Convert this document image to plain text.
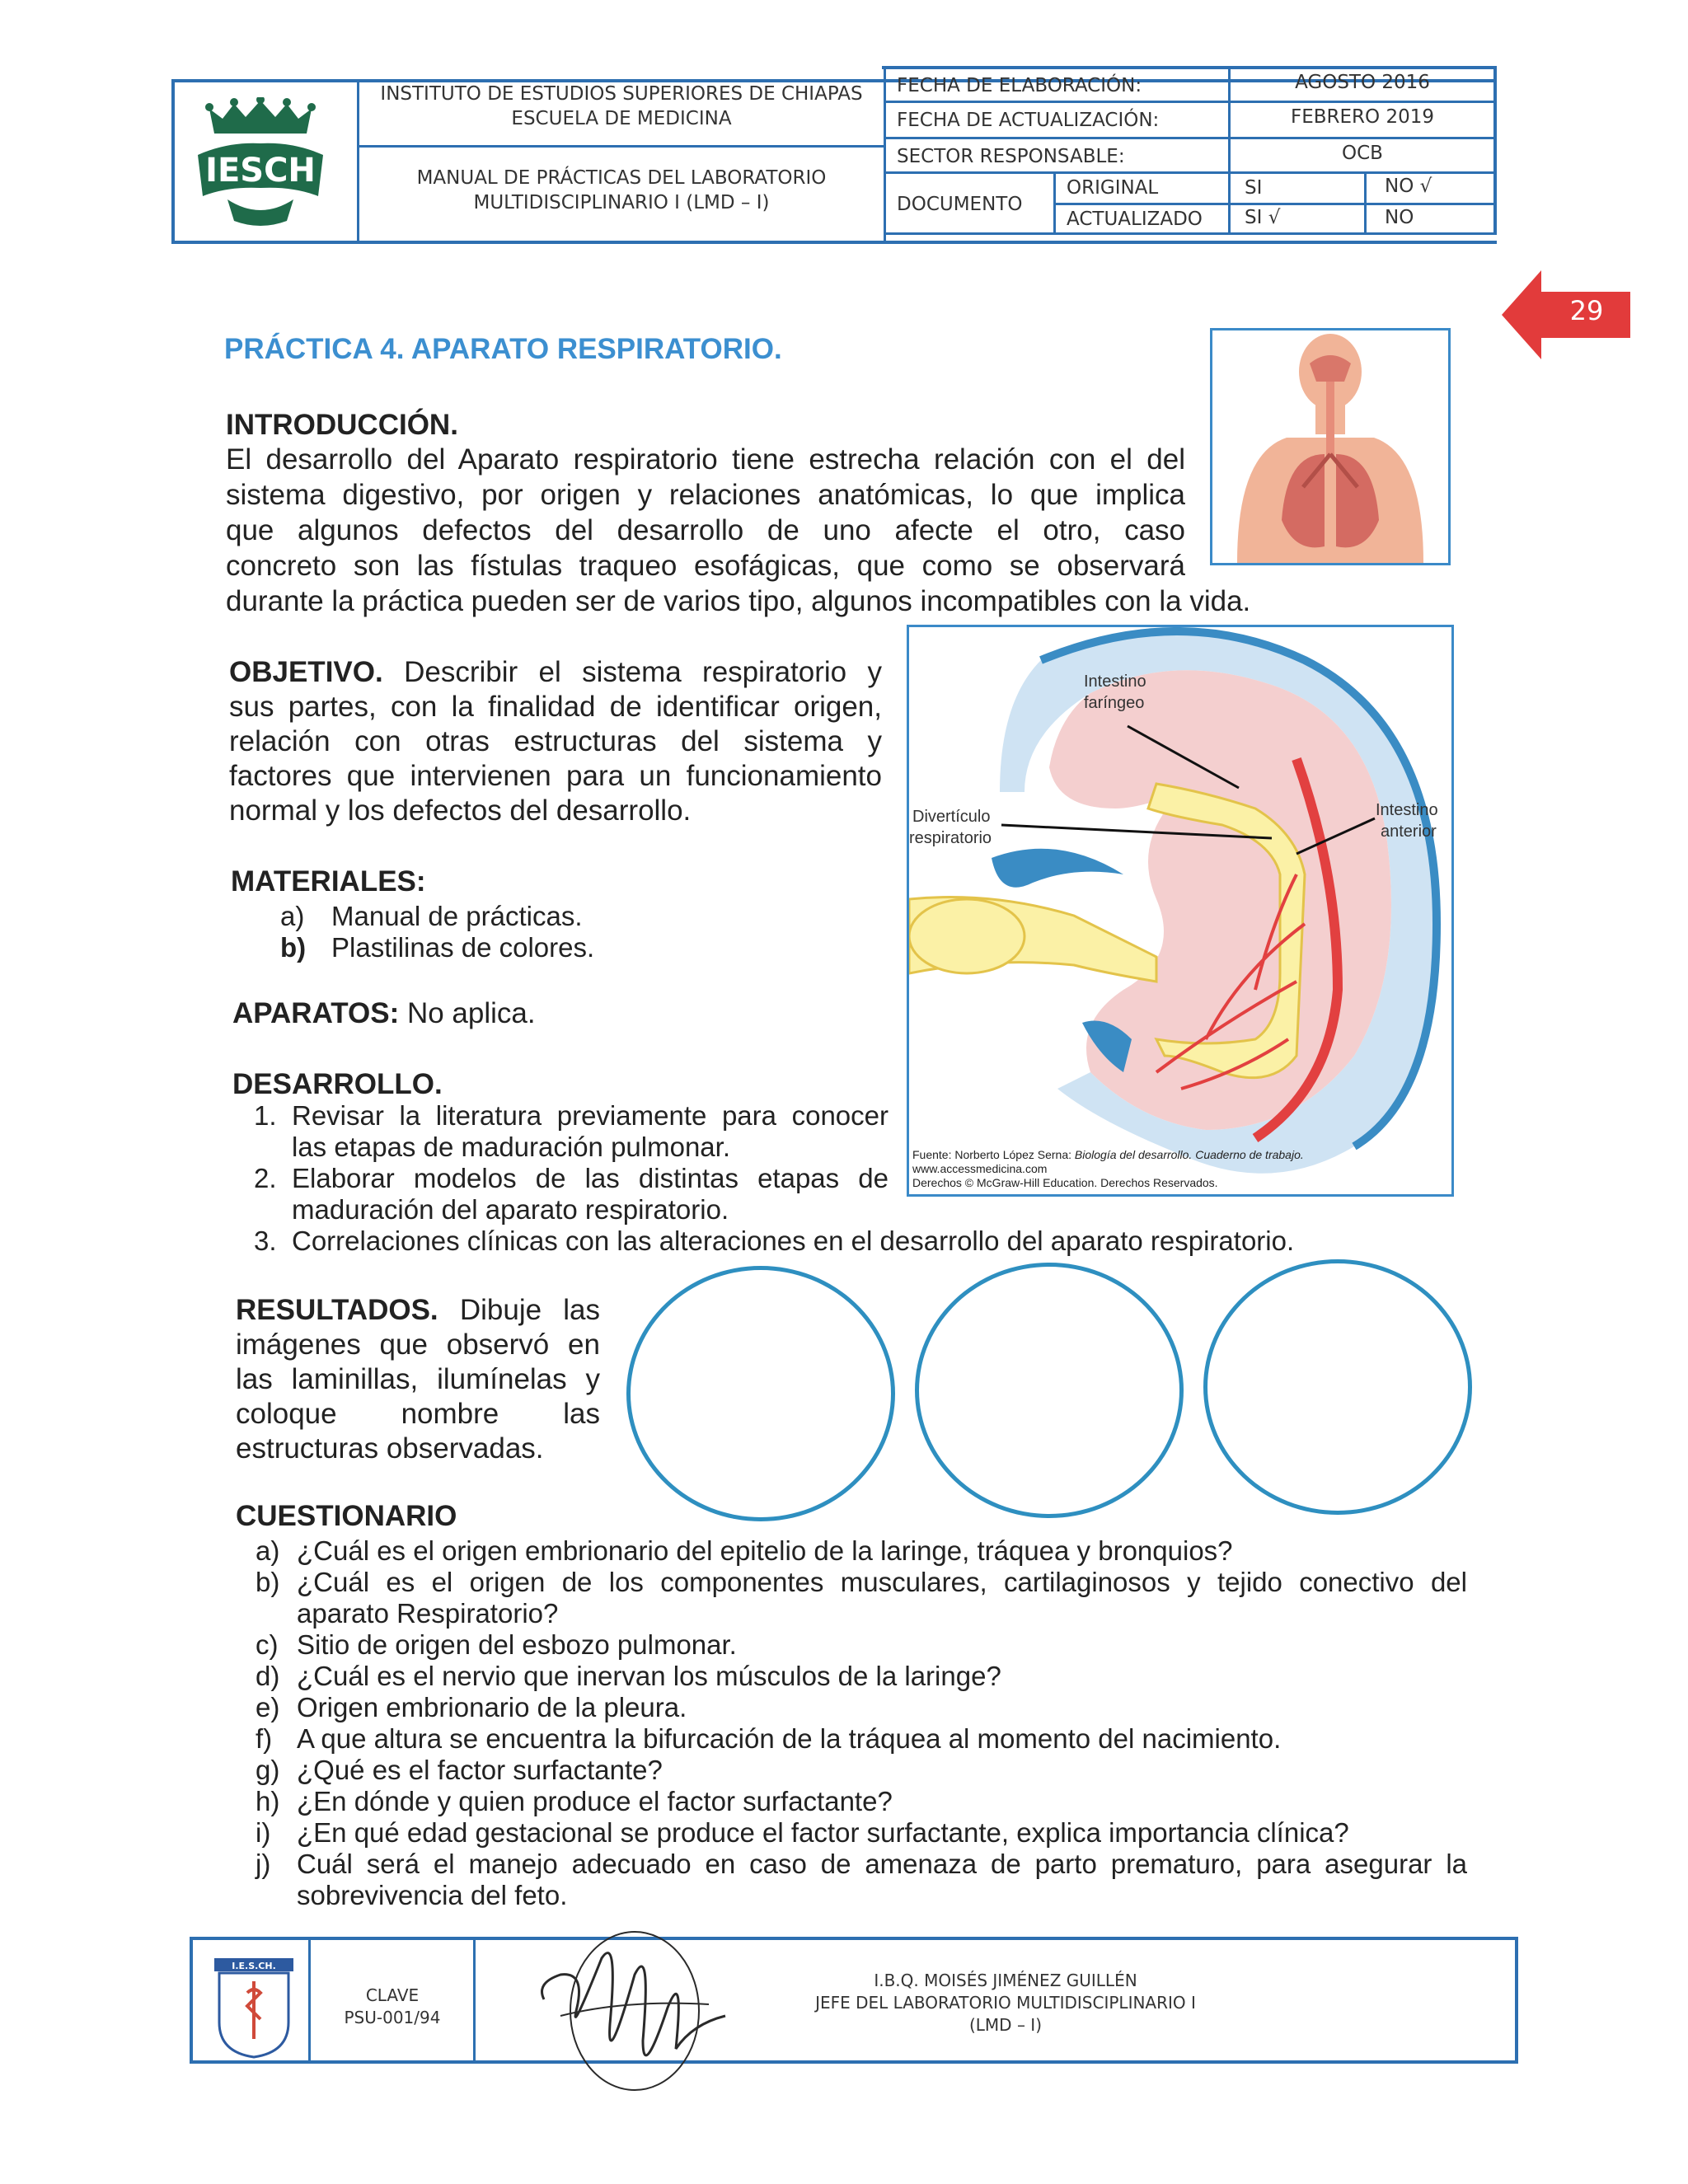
IESCH
INSTITUTO DE ESTUDIOS SUPERIORES DE CHIAPAS
ESCUELA DE MEDICINA
MANUAL DE PRÁCTICAS DEL LABORATORIO
MULTIDISCIPLINARIO I (LMD – I)
FECHA DE ELABORACIÓN:	AGOSTO 2016
FECHA DE ACTUALIZACIÓN:	FEBRERO 2019
SECTOR RESPONSABLE:	OCB
DOCUMENTO
ORIGINAL	SI	NO √
ACTUALIZADO SI √	NO
29
PRÁCTICA 4. APARATO RESPIRATORIO.
INTRODUCCIÓN.
El desarrollo del Aparato respiratorio tiene estrecha relación con el del
sistema digestivo, por origen y relaciones anatómicas, lo que implica
que algunos defectos del desarrollo de uno afecte el otro, caso
concreto son las fístulas traqueo esofágicas, que como se observará
durante la práctica pueden ser de varios tipo, algunos incompatibles con la vida.
OBJETIVO. Describir el sistema respiratorio y
sus partes, con la finalidad de identificar origen,
relación con otras estructuras del sistema y
factores que intervienen para un funcionamiento
normal y los defectos del desarrollo.
MATERIALES:
a) Manual de prácticas.
b) Plastilinas de colores.
APARATOS: No aplica.
DESARROLLO.
1. Revisar la literatura previamente para conocer
las etapas de maduración pulmonar.
2. Elaborar modelos de las distintas etapas de
maduración del aparato respiratorio.
3. Correlaciones clínicas con las alteraciones en el desarrollo del aparato respiratorio.
Intestino
faríngeo
Divertículo
respiratorio
Intestino
anterior
Fuente: Norberto López Serna: Biología del desarrollo. Cuaderno de trabajo.
www.accessmedicina.com
Derechos © McGraw-Hill Education. Derechos Reservados.
RESULTADOS. Dibuje las
imágenes que observó en
las laminillas, ilumínelas y
coloque nombre las
estructuras observadas.
CUESTIONARIO
a) ¿Cuál es el origen embrionario del epitelio de la laringe, tráquea y bronquios?
b) ¿Cuál es el origen de los componentes musculares, cartilaginosos y tejido conectivo del
aparato Respiratorio?
c) Sitio de origen del esbozo pulmonar.
d) ¿Cuál es el nervio que inervan los músculos de la laringe?
e) Origen embrionario de la pleura.
f) A que altura se encuentra la bifurcación de la tráquea al momento del nacimiento.
g) ¿Qué es el factor surfactante?
h) ¿En dónde y quien produce el factor surfactante?
i) ¿En qué edad gestacional se produce el factor surfactante, explica importancia clínica?
j) Cuál será el manejo adecuado en caso de amenaza de parto prematuro, para asegurar la
sobrevivencia del feto.
I.E.S.CH.
CLAVE
PSU-001/94
I.B.Q. MOISÉS JIMÉNEZ GUILLÉN
JEFE DEL LABORATORIO MULTIDISCIPLINARIO I
(LMD – I)
